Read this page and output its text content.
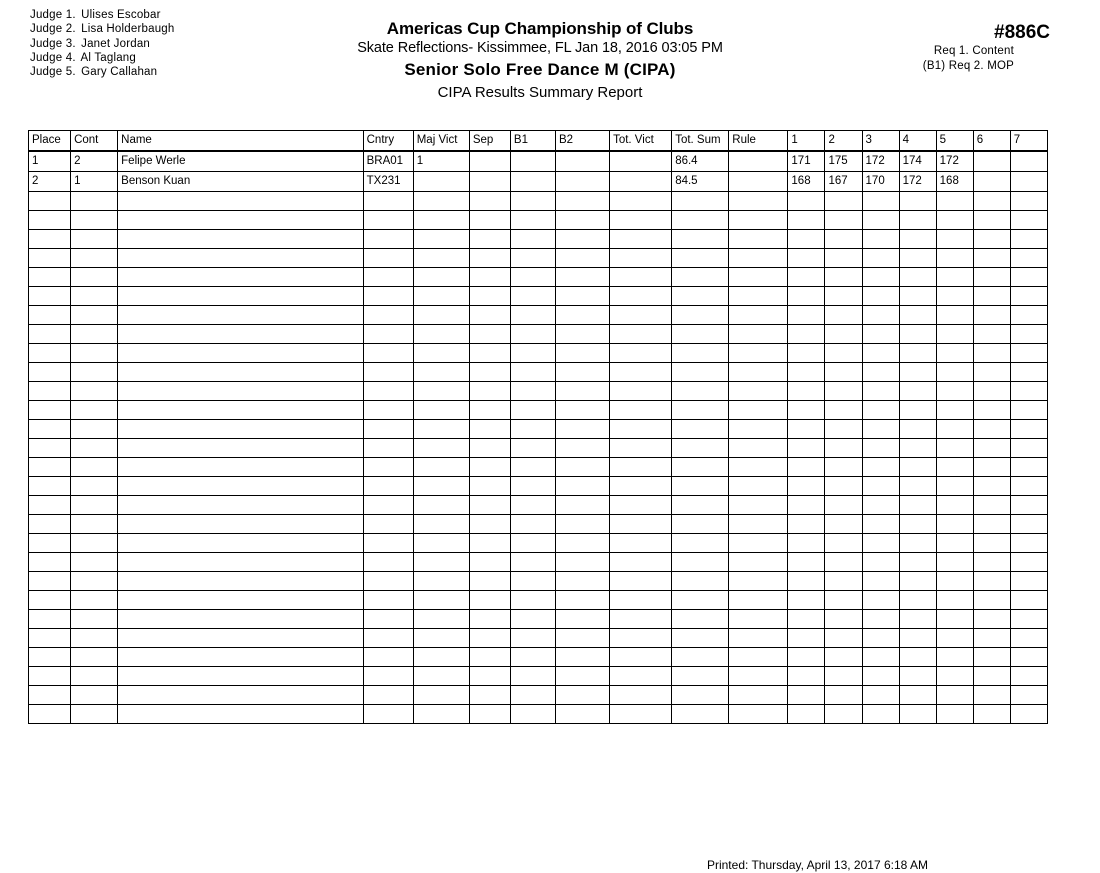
Judge 1. Ulises Escobar
Judge 2. Lisa Holderbaugh
Judge 3. Janet Jordan
Judge 4. Al Taglang
Judge 5. Gary Callahan
Americas Cup Championship of Clubs
Skate Reflections- Kissimmee, FL Jan 18, 2016 03:05 PM
Senior Solo Free Dance M (CIPA)
CIPA Results Summary Report
#886C
Req 1. Content
(B1) Req 2. MOP
Place	Cont	Name	Cntry	Maj Vict	Sep	B1	B2	Tot. Vict	Tot. Sum	Rule	1	2	3	4	5	6	7
1	2	Felipe Werle	BRA01	1					86.4		171	175	172	174	172		
2	1	Benson Kuan	TX231						84.5		168	167	170	172	168		

Printed: Thursday, April 13, 2017 6:18 AM
